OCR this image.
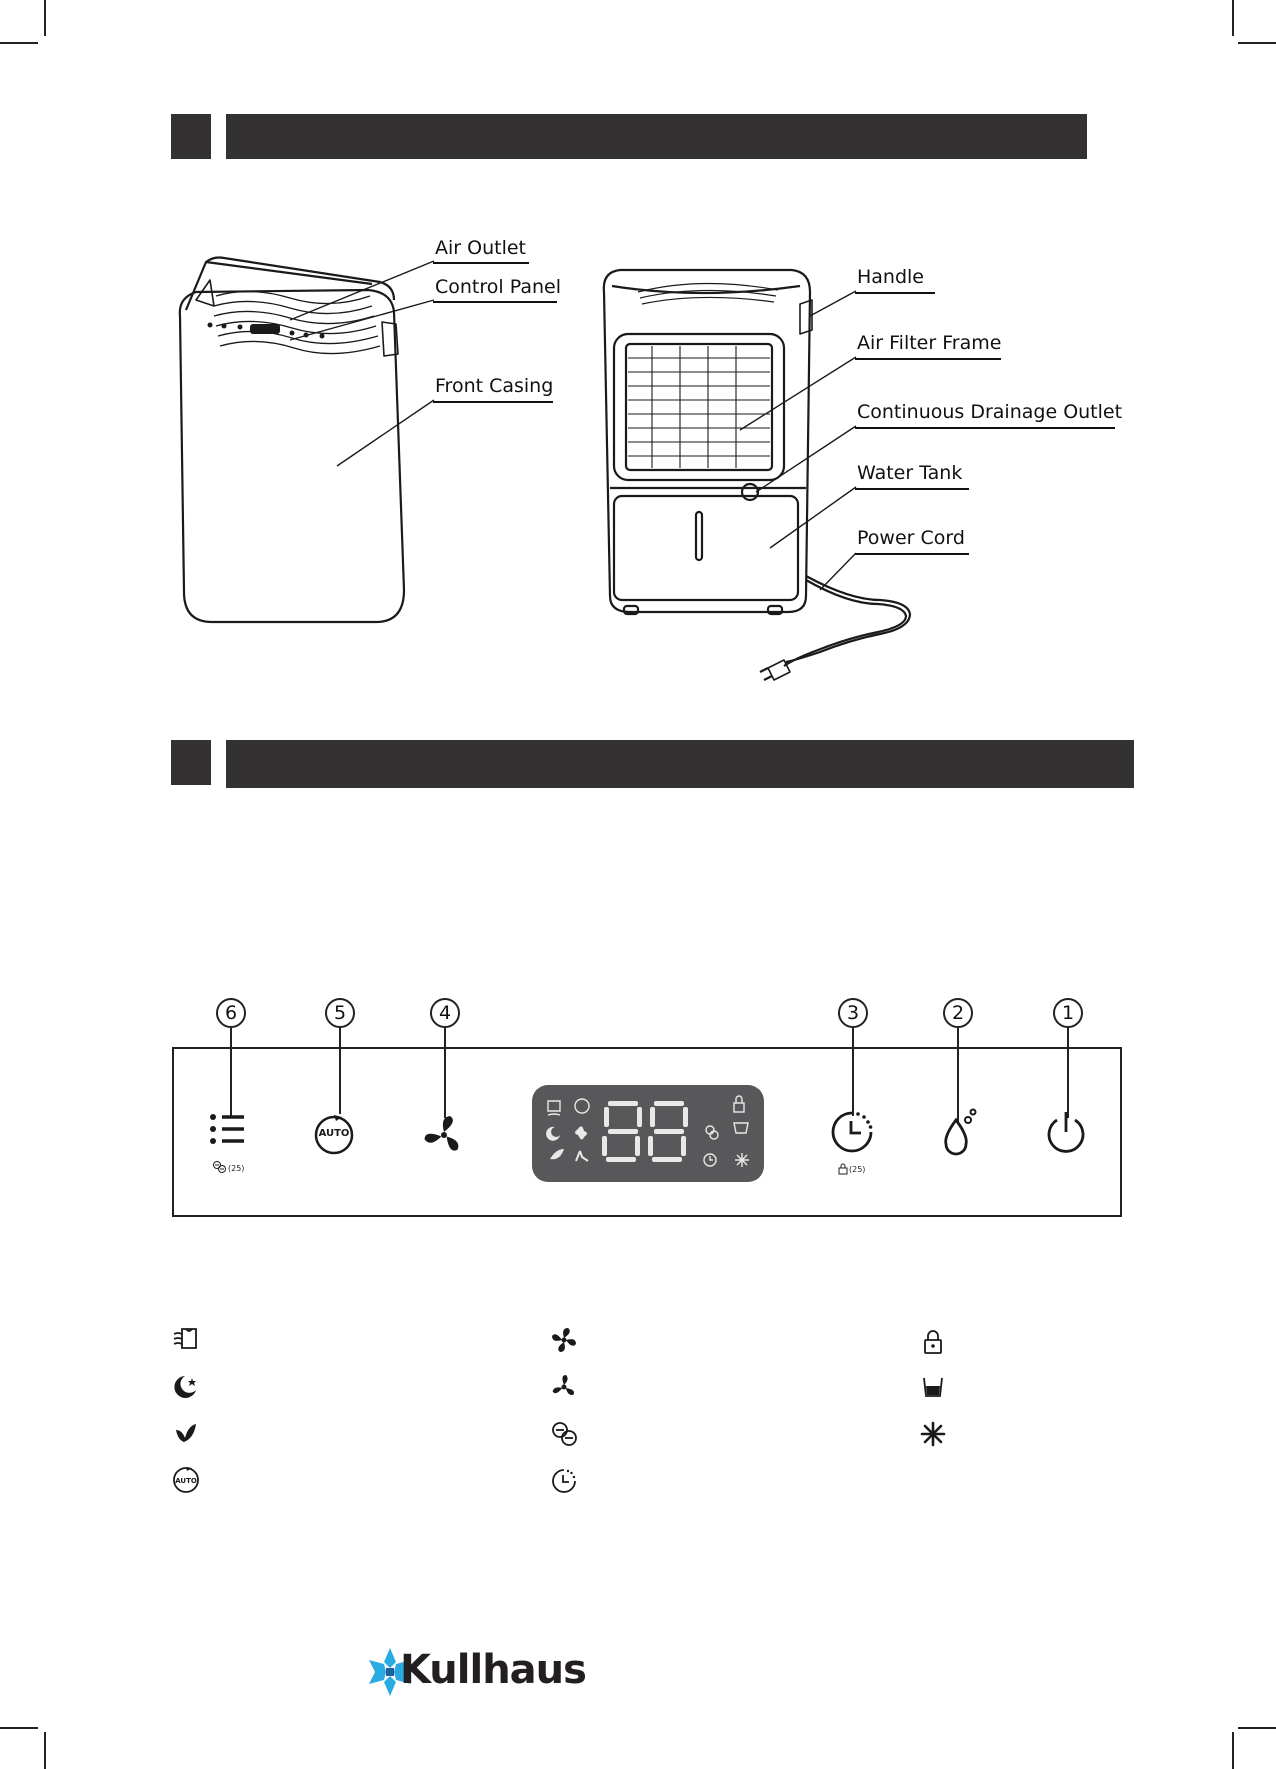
Air Outlet
Control Panel
Front Casing
Handle
Air Filter Frame
Continuous Drainage Outlet
Water Tank
Power Cord
6	5	4	3	2	1
(25)
AUTO
(25)
AUTO
Kullhaus
